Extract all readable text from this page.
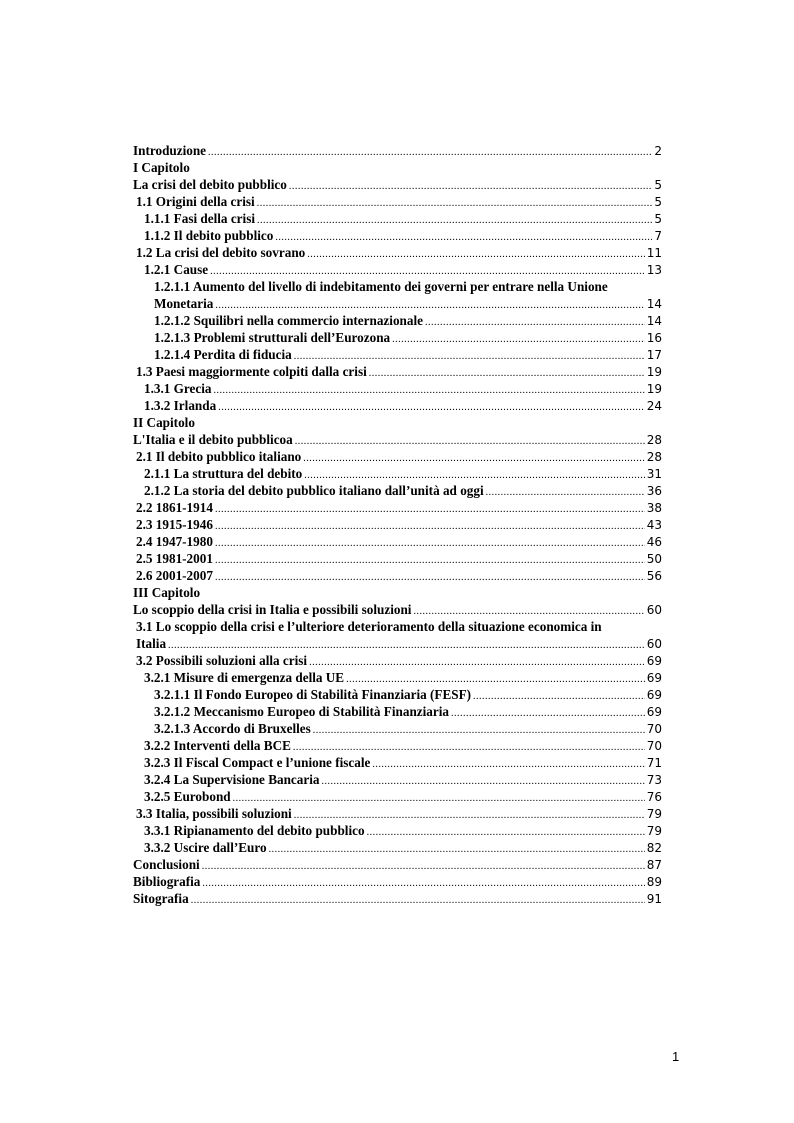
Introduzione .....	2
I Capitolo
La crisi del debito pubblico .....	5
1.1 Origini della crisi .....	5
1.1.1 Fasi della crisi .....	5
1.1.2 Il debito pubblico .....	7
1.2 La crisi del debito sovrano .....	11
1.2.1 Cause .....	13
1.2.1.1 Aumento del livello di indebitamento dei governi per entrare nella Unione
Monetaria .....	14
1.2.1.2 Squilibri nella commercio internazionale .....	14
1.2.1.3 Problemi strutturali dell’Eurozona .....	16
1.2.1.4 Perdita di fiducia .....	17
1.3 Paesi maggiormente colpiti dalla crisi .....	19
1.3.1 Grecia .....	19
1.3.2 Irlanda .....	24
II Capitolo
L'Italia e il debito pubblicoa .....	28
2.1 Il debito pubblico italiano .....	28
2.1.1 La struttura del debito .....	31
2.1.2 La storia del debito pubblico italiano dall’unità ad oggi .....	36
2.2 1861-1914 .....	38
2.3 1915-1946 .....	43
2.4 1947-1980 .....	46
2.5 1981-2001 .....	50
2.6 2001-2007 .....	56
III Capitolo
Lo scoppio della crisi in Italia e possibili soluzioni .....	60
3.1 Lo scoppio della crisi e l’ulteriore deterioramento della situazione economica in
Italia .....	60
3.2 Possibili soluzioni alla crisi .....	69
3.2.1 Misure di emergenza della UE .....	69
3.2.1.1 Il Fondo Europeo di Stabilità Finanziaria (FESF) .....	69
3.2.1.2 Meccanismo Europeo di Stabilità Finanziaria .....	69
3.2.1.3 Accordo di Bruxelles .....	70
3.2.2 Interventi della BCE .....	70
3.2.3 Il Fiscal Compact e l’unione fiscale .....	71
3.2.4 La Supervisione Bancaria .....	73
3.2.5 Eurobond .....	76
3.3 Italia, possibili soluzioni .....	79
3.3.1 Ripianamento del debito pubblico .....	79
3.3.2 Uscire dall’Euro .....	82
Conclusioni .....	87
Bibliografia .....	89
Sitografia .....	91
1
